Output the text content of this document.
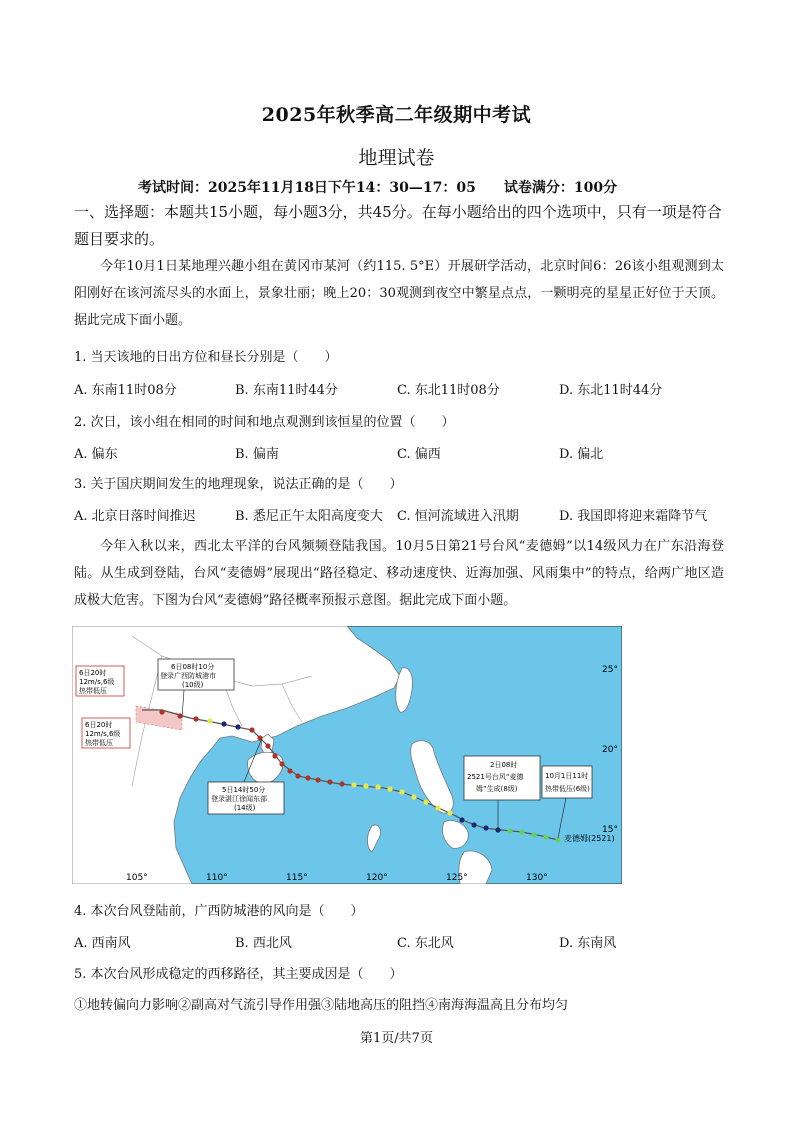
2025年秋季高二年级期中考试
地理试卷
考试时间：2025年11月18日下午14：30—17：05 试卷满分：100分
一、选择题：本题共15小题，每小题3分，共45分。在每小题给出的四个选项中，只有一项是符合题目要求的。
今年10月1日某地理兴趣小组在黄冈市某河（约115. 5°E）开展研学活动，北京时间6：26该小组观测到太阳刚好在该河流尽头的水面上，景象壮丽；晚上20：30观测到夜空中繁星点点，一颗明亮的星星正好位于天顶。据此完成下面小题。
1. 当天该地的日出方位和昼长分别是（　　）
A. 东南11时08分	B. 东南11时44分	C. 东北11时08分	D. 东北11时44分
2. 次日，该小组在相同的时间和地点观测到该恒星的位置（　　）
A. 偏东	B. 偏南	C. 偏西	D. 偏北
3. 关于国庆期间发生的地理现象，说法正确的是（　　）
A. 北京日落时间推迟	B. 悉尼正午太阳高度变大 C. 恒河流域进入汛期	D. 我国即将迎来霜降节气
今年入秋以来，西北太平洋的台风频频登陆我国。10月5日第21号台风“麦德姆”以14级风力在广东沿海登陆。从生成到登陆，台风“麦德姆”展现出“路径稳定、移动速度快、近海加强、风雨集中”的特点，给两广地区造成极大危害。下图为台风“麦德姆”路径概率预报示意图。据此完成下面小题。
25°
20°
15°
105°	110°	115°	120°	125°	130°
6日20时
12m/s,6级
热带低压
6日08时10分
登录广西防城港市
(10级)
6日20时
12m/s,6级
热带低压
5日14时50分
登录湛江徐闻东部
(14级)
2日08时
2521号台风“麦德
姆”生成(8级)
10月1日11时
热带低压(6级)
麦德姆(2521)
4. 本次台风登陆前，广西防城港的风向是（　　）
A. 西南风	B. 西北风	C. 东北风	D. 东南风
5. 本次台风形成稳定的西移路径，其主要成因是（　　）
①地转偏向力影响②副高对气流引导作用强③陆地高压的阻挡④南海海温高且分布均匀
第1页/共7页
